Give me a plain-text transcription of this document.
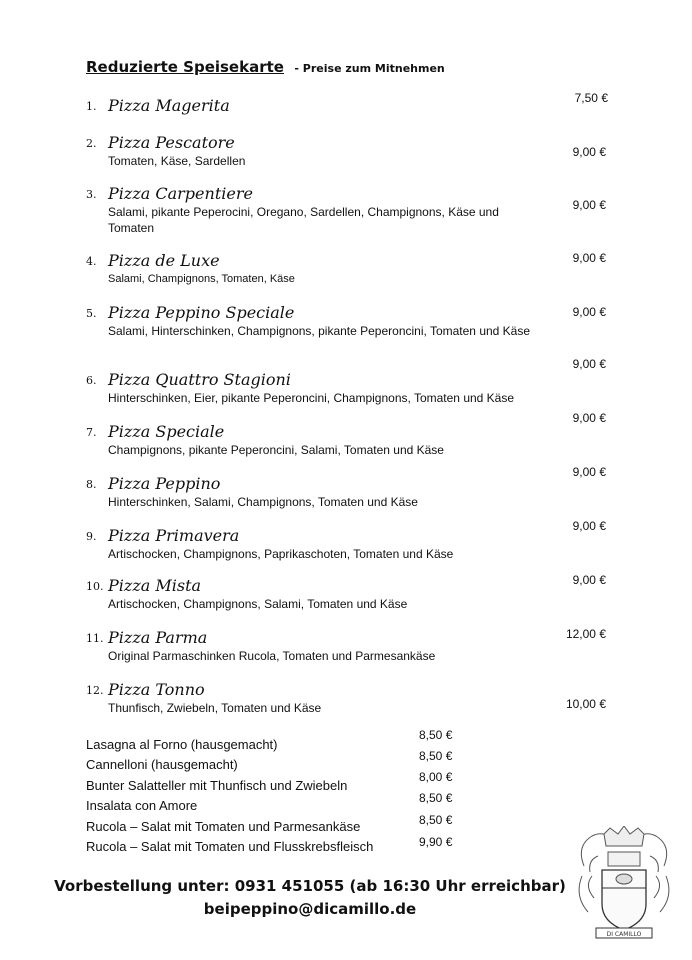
Reduzierte Speisekarte - Preise zum Mitnehmen
1. Pizza Magerita	7,50 €
2. Pizza Pescatore
Tomaten, Käse, Sardellen
9,00 €
3. Pizza Carpentiere
Salami, pikante Peperocini, Oregano, Sardellen, Champignons, Käse und Tomaten
9,00 €
4. Pizza de Luxe
Salami, Champignons, Tomaten, Käse
9,00 €
5. Pizza Peppino Speciale
Salami, Hinterschinken, Champignons, pikante Peperoncini, Tomaten und Käse
9,00 €
9,00 €
6. Pizza Quattro Stagioni
Hinterschinken, Eier, pikante Peperoncini, Champignons, Tomaten und Käse
9,00 €
7. Pizza Speciale
Champignons, pikante Peperoncini, Salami, Tomaten und Käse
9,00 €
8. Pizza Peppino
Hinterschinken, Salami, Champignons, Tomaten und Käse
9,00 €
9. Pizza Primavera
Artischocken, Champignons, Paprikaschoten, Tomaten und Käse
9,00 €
10. Pizza Mista
Artischocken, Champignons, Salami, Tomaten und Käse
12,00 €
11. Pizza Parma
Original Parmaschinken Rucola, Tomaten und Parmesankäse
12. Pizza Tonno
Thunfisch, Zwiebeln, Tomaten und Käse	10,00 €
8,50 €
Lasagna al Forno (hausgemacht)
8,50 €
Cannelloni (hausgemacht)
8,00 €
Bunter Salatteller mit Thunfisch und Zwiebeln
8,50 €
Insalata con Amore
8,50 €
Rucola – Salat mit Tomaten und Parmesankäse
9,90 €
Rucola – Salat mit Tomaten und Flusskrebsfleisch
Vorbestellung unter: 0931 451055 (ab 16:30 Uhr erreichbar)
beipeppino@dicamillo.de
DI CAMILLO
